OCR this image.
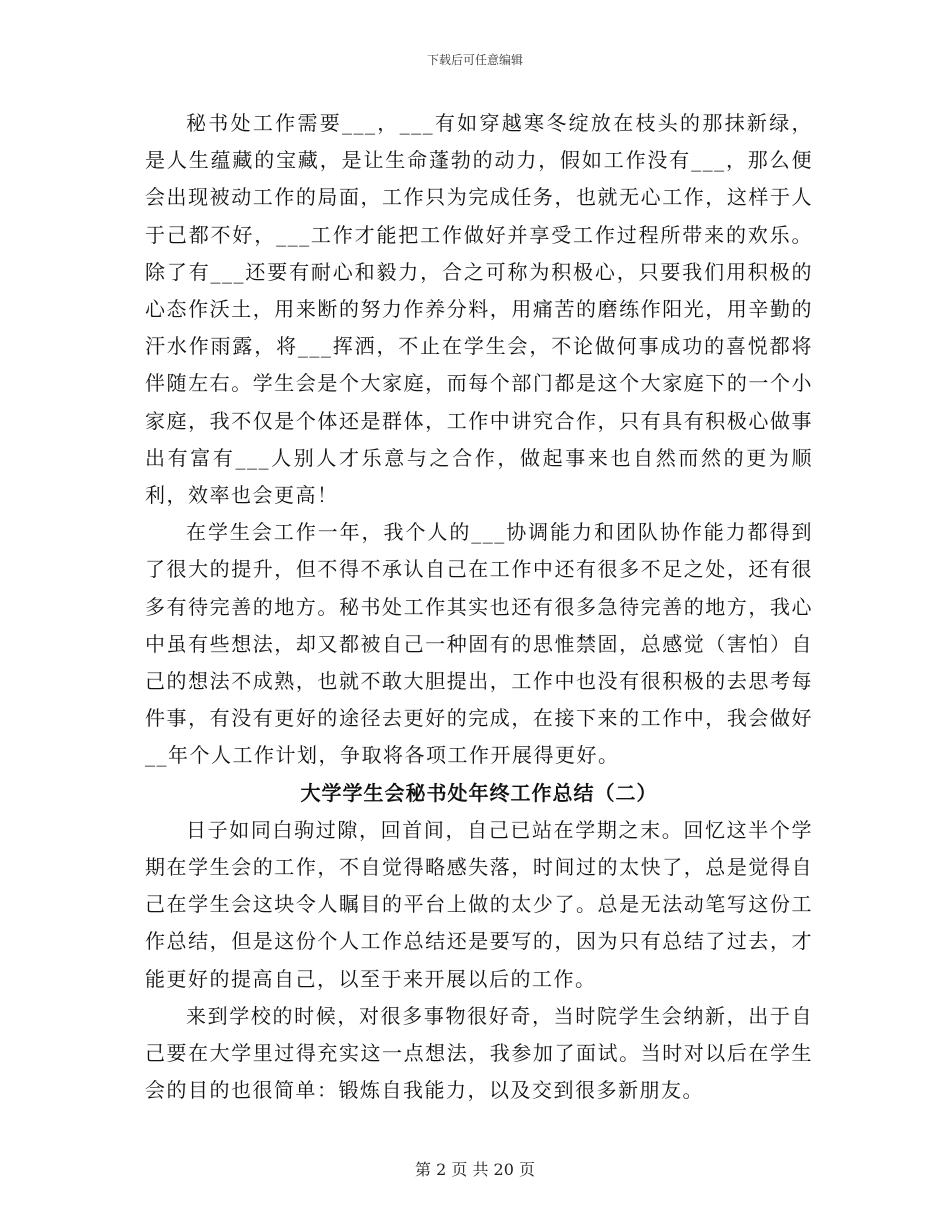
下载后可任意编辑

秘书处工作需要___，___有如穿越寒冬绽放在枝头的那抹新绿，是人生蕴藏的宝藏，是让生命蓬勃的动力，假如工作没有___，那么便会出现被动工作的局面，工作只为完成任务，也就无心工作，这样于人于己都不好，___工作才能把工作做好并享受工作过程所带来的欢乐。除了有___还要有耐心和毅力，合之可称为积极心，只要我们用积极的心态作沃土，用来断的努力作养分料，用痛苦的磨练作阳光，用辛勤的汗水作雨露，将___挥洒，不止在学生会，不论做何事成功的喜悦都将伴随左右。学生会是个大家庭，而每个部门都是这个大家庭下的一个小家庭，我不仅是个体还是群体，工作中讲究合作，只有具有积极心做事出有富有___人别人才乐意与之合作，做起事来也自然而然的更为顺利，效率也会更高！

在学生会工作一年，我个人的___协调能力和团队协作能力都得到了很大的提升，但不得不承认自己在工作中还有很多不足之处，还有很多有待完善的地方。秘书处工作其实也还有很多急待完善的地方，我心中虽有些想法，却又都被自己一种固有的思惟禁固，总感觉（害怕）自己的想法不成熟，也就不敢大胆提出，工作中也没有很积极的去思考每件事，有没有更好的途径去更好的完成，在接下来的工作中，我会做好__年个人工作计划，争取将各项工作开展得更好。

大学学生会秘书处年终工作总结（二）

日子如同白驹过隙，回首间，自己已站在学期之末。回忆这半个学期在学生会的工作，不自觉得略感失落，时间过的太快了，总是觉得自己在学生会这块令人瞩目的平台上做的太少了。总是无法动笔写这份工作总结，但是这份个人工作总结还是要写的，因为只有总结了过去，才能更好的提高自己，以至于来开展以后的工作。

来到学校的时候，对很多事物很好奇，当时院学生会纳新，出于自己要在大学里过得充实这一点想法，我参加了面试。当时对以后在学生会的目的也很简单：锻炼自我能力，以及交到很多新朋友。

第 2 页 共 20 页
